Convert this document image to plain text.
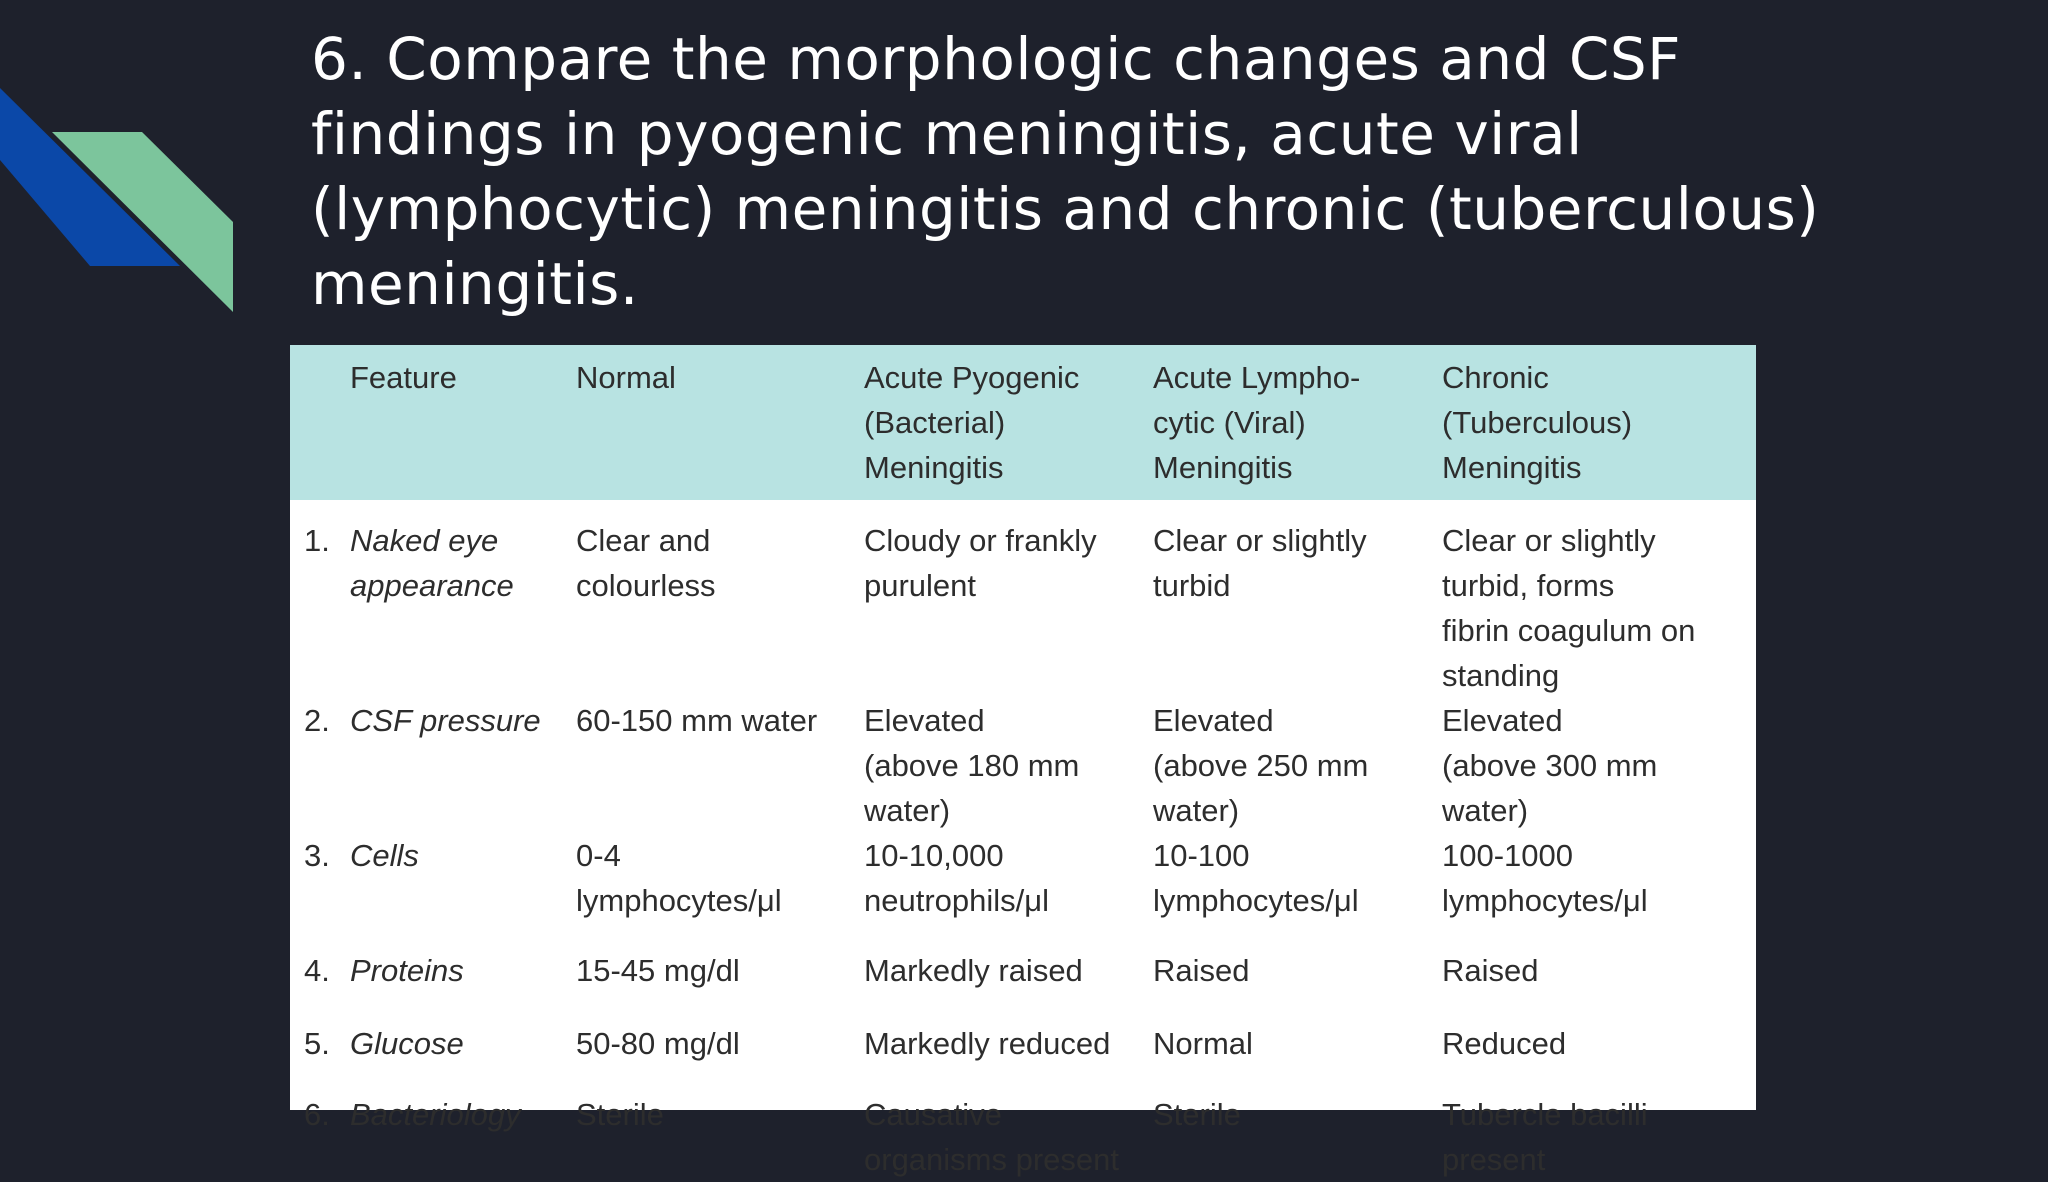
6. Compare the morphologic changes and CSF findings in pyogenic meningitis, acute viral (lymphocytic) meningitis and chronic (tuberculous) meningitis.

	Feature	Normal	Acute Pyogenic
(Bacterial)
Meningitis	Acute Lympho-
cytic (Viral)
Meningitis	Chronic (Tuberculous)
Meningitis

1.	Naked eye
appearance	Clear and colourless	Cloudy or frankly
purulent	Clear or slightly
turbid	Clear or slightly turbid, forms
fibrin coagulum on standing

2.	CSF pressure	60-150 mm water	Elevated
(above 180 mm water)	Elevated
(above 250 mm water)	Elevated
(above 300 mm water)

3.	Cells	0-4
lymphocytes/μl	10-10,000
neutrophils/μl	10-100
lymphocytes/μl	100-1000
lymphocytes/μl

4.	Proteins	15-45 mg/dl	Markedly raised	Raised	Raised

5.	Glucose	50-80 mg/dl	Markedly reduced	Normal	Reduced

6.	Bacteriology	Sterile	Causative
organisms present	Sterile	Tubercle bacilli
present
